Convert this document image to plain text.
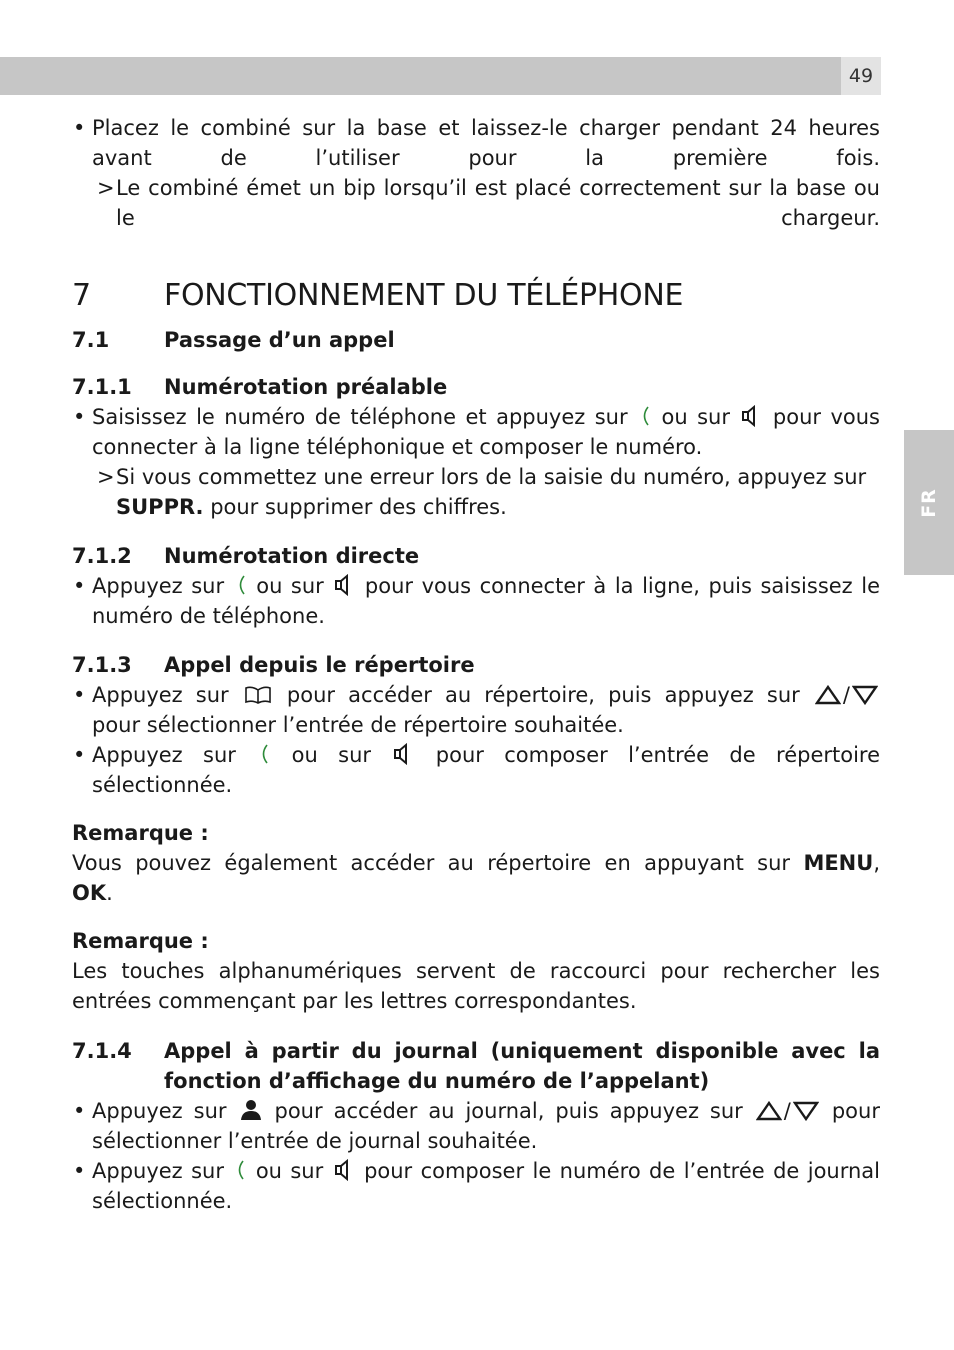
49
FR
• Placez le combiné sur la base et laissez-le charger pendant 24 heures avant de l’utiliser pour la première fois.
> Le combiné émet un bip lorsqu’il est placé correctement sur la base ou le chargeur.
7	FONCTIONNEMENT DU TÉLÉPHONE
7.1	Passage d’un appel
7.1.1	Numérotation préalable
• Saisissez le numéro de téléphone et appuyez sur ou sur pour vous
connecter à la ligne téléphonique et composer le numéro.
> Si vous commettez une erreur lors de la saisie du numéro, appuyez sur
SUPPR. pour supprimer des chiffres.
7.1.2	Numérotation directe
• Appuyez sur ou sur pour vous connecter à la ligne, puis saisissez le
numéro de téléphone.
7.1.3	Appel depuis le répertoire
• Appuyez sur	pour accéder au répertoire, puis appuyez sur /
pour sélectionner l’entrée de répertoire souhaitée.
• Appuyez sur	ou sur	pour composer l’entrée de répertoire
sélectionnée.
Remarque :
Vous pouvez également accéder au répertoire en appuyant sur MENU,
OK.
Remarque :
Les touches alphanumériques servent de raccourci pour rechercher les entrées commençant par les lettres correspondantes.
7.1.4	Appel à partir du journal (uniquement disponible avec la
fonction d’affichage du numéro de l’appelant)
• Appuyez sur pour accéder au journal, puis appuyez sur / pour
sélectionner l’entrée de journal souhaitée.
• Appuyez sur ou sur pour composer le numéro de l’entrée de journal
sélectionnée.
